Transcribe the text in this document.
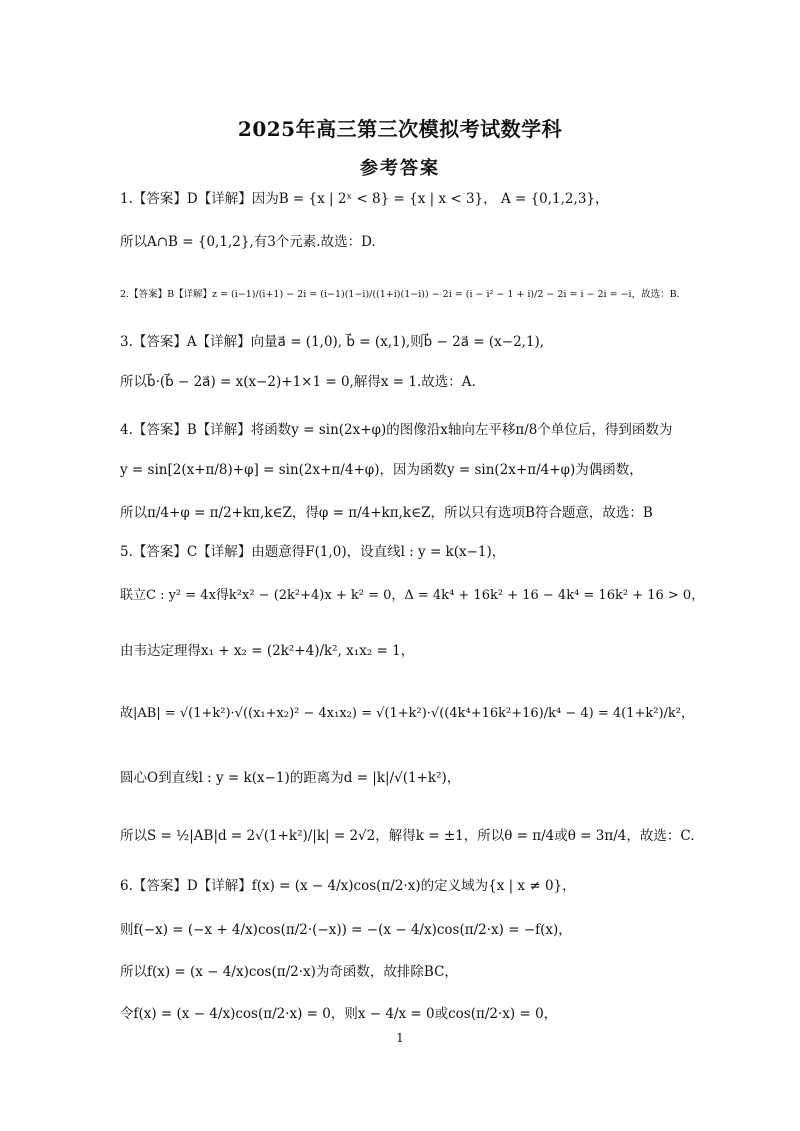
2025年高三第三次模拟考试数学科
参考答案
1.【答案】D【详解】因为B = {x | 2ˣ < 8} = {x | x < 3}， A = {0,1,2,3}，
所以A∩B = {0,1,2},有3个元素.故选：D.
2.【答案】B【详解】z = (i−1)/(i+1) − 2i = (i−1)(1−i)/((1+i)(1−i)) − 2i = (i − i² − 1 + i)/2 − 2i = i − 2i = −i，故选：B.
3.【答案】A【详解】向量a⃗ = (1,0), b⃗ = (x,1),则b⃗ − 2a⃗ = (x−2,1),
所以b⃗·(b⃗ − 2a⃗) = x(x−2)+1×1 = 0,解得x = 1.故选：A.
4.【答案】B【详解】将函数y = sin(2x+φ)的图像沿x轴向左平移π/8个单位后，得到函数为
y = sin[2(x+π/8)+φ] = sin(2x+π/4+φ)，因为函数y = sin(2x+π/4+φ)为偶函数，
所以π/4+φ = π/2+kπ,k∈Z，得φ = π/4+kπ,k∈Z，所以只有选项B符合题意，故选：B
5.【答案】C【详解】由题意得F(1,0)，设直线l : y = k(x−1)，
联立C : y² = 4x得k²x² − (2k²+4)x + k² = 0，Δ = 4k⁴ + 16k² + 16 − 4k⁴ = 16k² + 16 > 0，
由韦达定理得x₁ + x₂ = (2k²+4)/k², x₁x₂ = 1，
故|AB| = √(1+k²)·√((x₁+x₂)² − 4x₁x₂) = √(1+k²)·√((4k⁴+16k²+16)/k⁴ − 4) = 4(1+k²)/k²，
圆心O到直线l : y = k(x−1)的距离为d = |k|/√(1+k²)，
所以S = ½|AB|d = 2√(1+k²)/|k| = 2√2，解得k = ±1，所以θ = π/4或θ = 3π/4，故选：C.
6.【答案】D【详解】f(x) = (x − 4/x)cos(π/2·x)的定义域为{x | x ≠ 0}，
则f(−x) = (−x + 4/x)cos(π/2·(−x)) = −(x − 4/x)cos(π/2·x) = −f(x)，
所以f(x) = (x − 4/x)cos(π/2·x)为奇函数，故排除BC，
令f(x) = (x − 4/x)cos(π/2·x) = 0，则x − 4/x = 0或cos(π/2·x) = 0，
1
